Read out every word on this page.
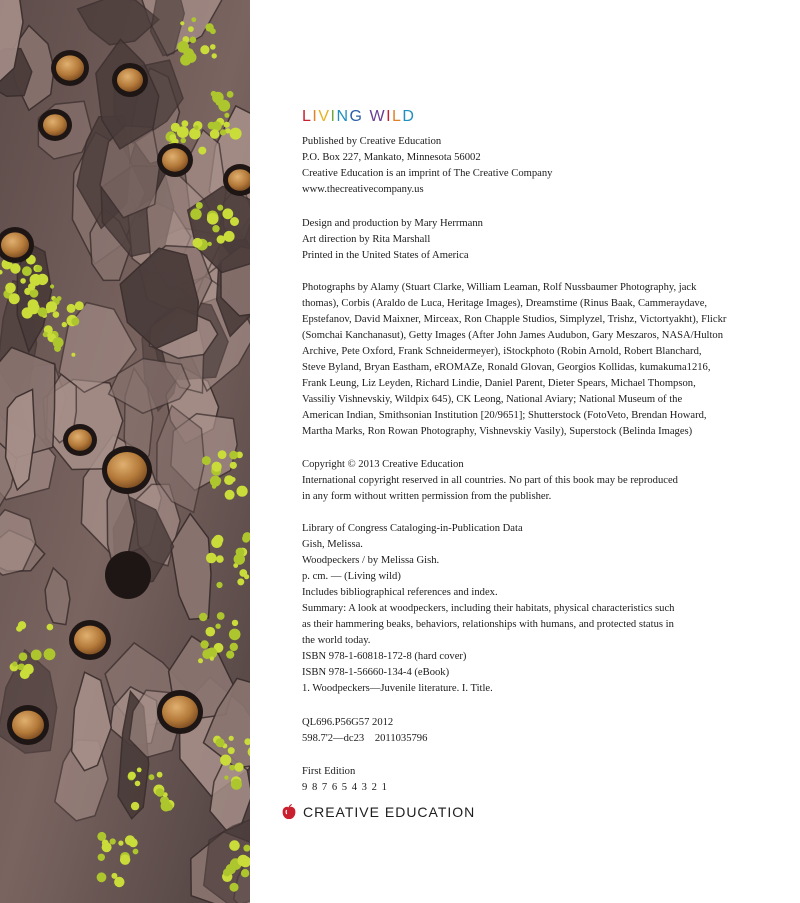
LIVING WILD
Published by Creative Education
P.O. Box 227, Mankato, Minnesota 56002
Creative Education is an imprint of The Creative Company
www.thecreativecompany.us
Design and production by Mary Herrmann
Art direction by Rita Marshall
Printed in the United States of America
Photographs by Alamy (Stuart Clarke, William Leaman, Rolf Nussbaumer Photography, jack
thomas), Corbis (Araldo de Luca, Heritage Images), Dreamstime (Rinus Baak, Cammeraydave,
Epstefanov, David Maixner, Mirceax, Ron Chapple Studios, Simplyzel, Trishz, Victortyakht), Flickr
(Somchai Kanchanasut), Getty Images (After John James Audubon, Gary Meszaros, NASA/Hulton
Archive, Pete Oxford, Frank Schneidermeyer), iStockphoto (Robin Arnold, Robert Blanchard,
Steve Byland, Bryan Eastham, eROMAZe, Ronald Glovan, Georgios Kollidas, kumakuma1216,
Frank Leung, Liz Leyden, Richard Lindie, Daniel Parent, Dieter Spears, Michael Thompson,
Vassiliy Vishnevskiy, Wildpix 645), CK Leong, National Aviary; National Museum of the
American Indian, Smithsonian Institution [20/9651]; Shutterstock (FotoVeto, Brendan Howard,
Martha Marks, Ron Rowan Photography, Vishnevskiy Vasily), Superstock (Belinda Images)
Copyright © 2013 Creative Education
International copyright reserved in all countries. No part of this book may be reproduced
in any form without written permission from the publisher.
Library of Congress Cataloging-in-Publication Data
Gish, Melissa.
Woodpeckers / by Melissa Gish.
p. cm. — (Living wild)
Includes bibliographical references and index.
Summary: A look at woodpeckers, including their habitats, physical characteristics such
as their hammering beaks, behaviors, relationships with humans, and protected status in
the world today.
ISBN 978-1-60818-172-8 (hard cover)
ISBN 978-1-56660-134-4 (eBook)
1. Woodpeckers—Juvenile literature. I. Title.
QL696.P56G57 2012
598.7'2—dc23    2011035796
First Edition
9 8 7 6 5 4 3 2 1
CREATIVE EDUCATION
